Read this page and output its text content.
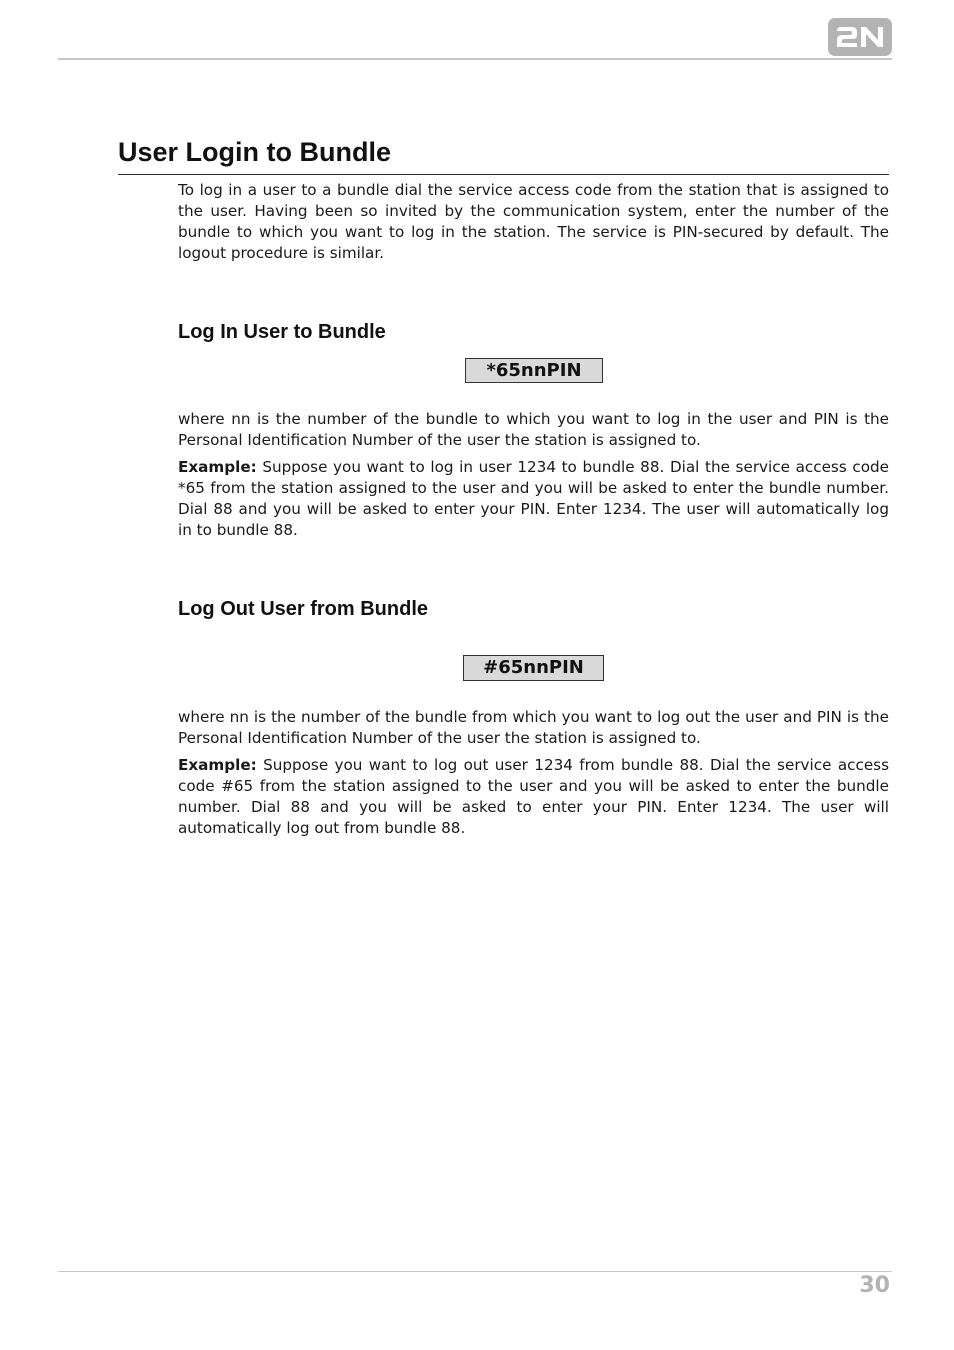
User Login to Bundle

To log in a user to a bundle dial the service access code from the station that is assigned to the user. Having been so invited by the communication system, enter the number of the bundle to which you want to log in the station. The service is PIN-secured by default. The logout procedure is similar.

Log In User to Bundle
*65nnPIN

where nn is the number of the bundle to which you want to log in the user and PIN is the Personal Identification Number of the user the station is assigned to.

Example: Suppose you want to log in user 1234 to bundle 88. Dial the service access code *65 from the station assigned to the user and you will be asked to enter the bundle number. Dial 88 and you will be asked to enter your PIN. Enter 1234. The user will automatically log in to bundle 88.

Log Out User from Bundle
#65nnPIN

where nn is the number of the bundle from which you want to log out the user and PIN is the Personal Identification Number of the user the station is assigned to.

Example: Suppose you want to log out user 1234 from bundle 88. Dial the service access code #65 from the station assigned to the user and you will be asked to enter the bundle number. Dial 88 and you will be asked to enter your PIN. Enter 1234. The user will automatically log out from bundle 88.

30
